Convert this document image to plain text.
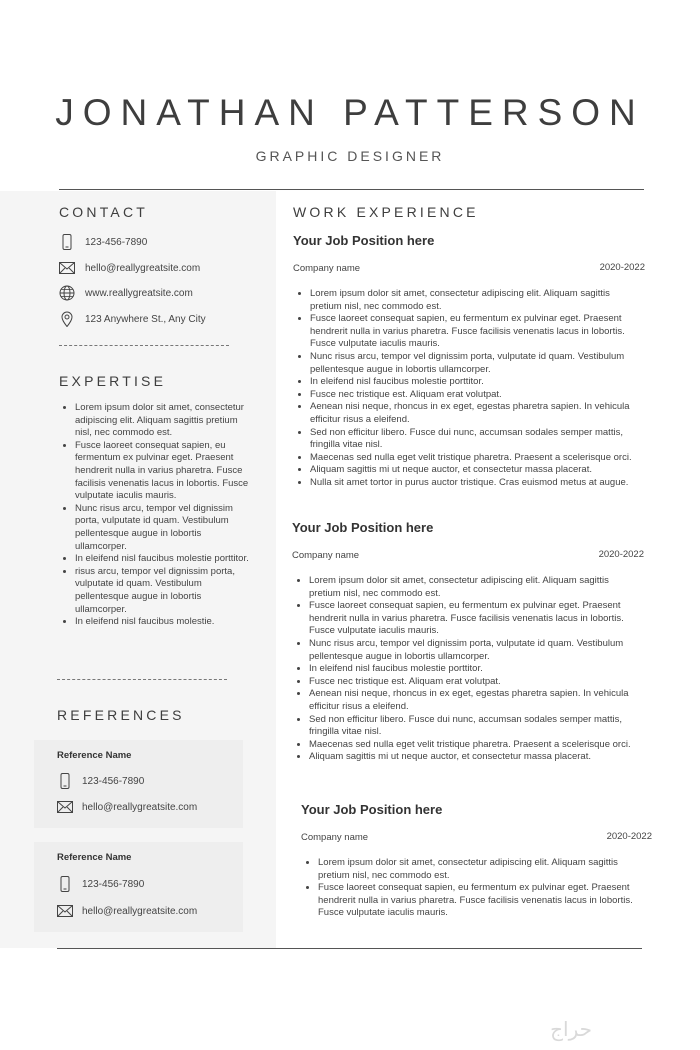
JONATHAN PATTERSON
GRAPHIC DESIGNER
CONTACT
123-456-7890
hello@reallygreatsite.com
www.reallygreatsite.com
123 Anywhere St., Any City
EXPERTISE
• Lorem ipsum dolor sit amet, consectetur adipiscing elit. Aliquam sagittis pretium nisl, nec commodo est.
• Fusce laoreet consequat sapien, eu fermentum ex pulvinar eget. Praesent hendrerit nulla in varius pharetra. Fusce facilisis venenatis lacus in lobortis. Fusce vulputate iaculis mauris.
• Nunc risus arcu, tempor vel dignissim porta, vulputate id quam. Vestibulum pellentesque augue in lobortis ullamcorper.
• In eleifend nisl faucibus molestie porttitor.
• risus arcu, tempor vel dignissim porta, vulputate id quam. Vestibulum pellentesque augue in lobortis ullamcorper.
• In eleifend nisl faucibus molestie.
REFERENCES
Reference Name
123-456-7890
hello@reallygreatsite.com
Reference Name
123-456-7890
hello@reallygreatsite.com
WORK EXPERIENCE
Your Job Position here
Company name	2020-2022
• Lorem ipsum dolor sit amet, consectetur adipiscing elit. Aliquam sagittis pretium nisl, nec commodo est.
• Fusce laoreet consequat sapien, eu fermentum ex pulvinar eget. Praesent hendrerit nulla in varius pharetra. Fusce facilisis venenatis lacus in lobortis. Fusce vulputate iaculis mauris.
• Nunc risus arcu, tempor vel dignissim porta, vulputate id quam. Vestibulum pellentesque augue in lobortis ullamcorper.
• In eleifend nisl faucibus molestie porttitor.
• Fusce nec tristique est. Aliquam erat volutpat.
• Aenean nisi neque, rhoncus in ex eget, egestas pharetra sapien. In vehicula efficitur risus a eleifend.
• Sed non efficitur libero. Fusce dui nunc, accumsan sodales semper mattis, fringilla vitae nisl.
• Maecenas sed nulla eget velit tristique pharetra. Praesent a scelerisque orci.
• Aliquam sagittis mi ut neque auctor, et consectetur massa placerat.
• Nulla sit amet tortor in purus auctor tristique. Cras euismod metus at augue.
Your Job Position here
Company name	2020-2022
• Lorem ipsum dolor sit amet, consectetur adipiscing elit. Aliquam sagittis pretium nisl, nec commodo est.
• Fusce laoreet consequat sapien, eu fermentum ex pulvinar eget. Praesent hendrerit nulla in varius pharetra. Fusce facilisis venenatis lacus in lobortis. Fusce vulputate iaculis mauris.
• Nunc risus arcu, tempor vel dignissim porta, vulputate id quam. Vestibulum pellentesque augue in lobortis ullamcorper.
• In eleifend nisl faucibus molestie porttitor.
• Fusce nec tristique est. Aliquam erat volutpat.
• Aenean nisi neque, rhoncus in ex eget, egestas pharetra sapien. In vehicula efficitur risus a eleifend.
• Sed non efficitur libero. Fusce dui nunc, accumsan sodales semper mattis, fringilla vitae nisl.
• Maecenas sed nulla eget velit tristique pharetra. Praesent a scelerisque orci.
• Aliquam sagittis mi ut neque auctor, et consectetur massa placerat.
Your Job Position here
Company name	2020-2022
• Lorem ipsum dolor sit amet, consectetur adipiscing elit. Aliquam sagittis pretium nisl, nec commodo est.
• Fusce laoreet consequat sapien, eu fermentum ex pulvinar eget. Praesent hendrerit nulla in varius pharetra. Fusce facilisis venenatis lacus in lobortis. Fusce vulputate iaculis mauris.
حراج
